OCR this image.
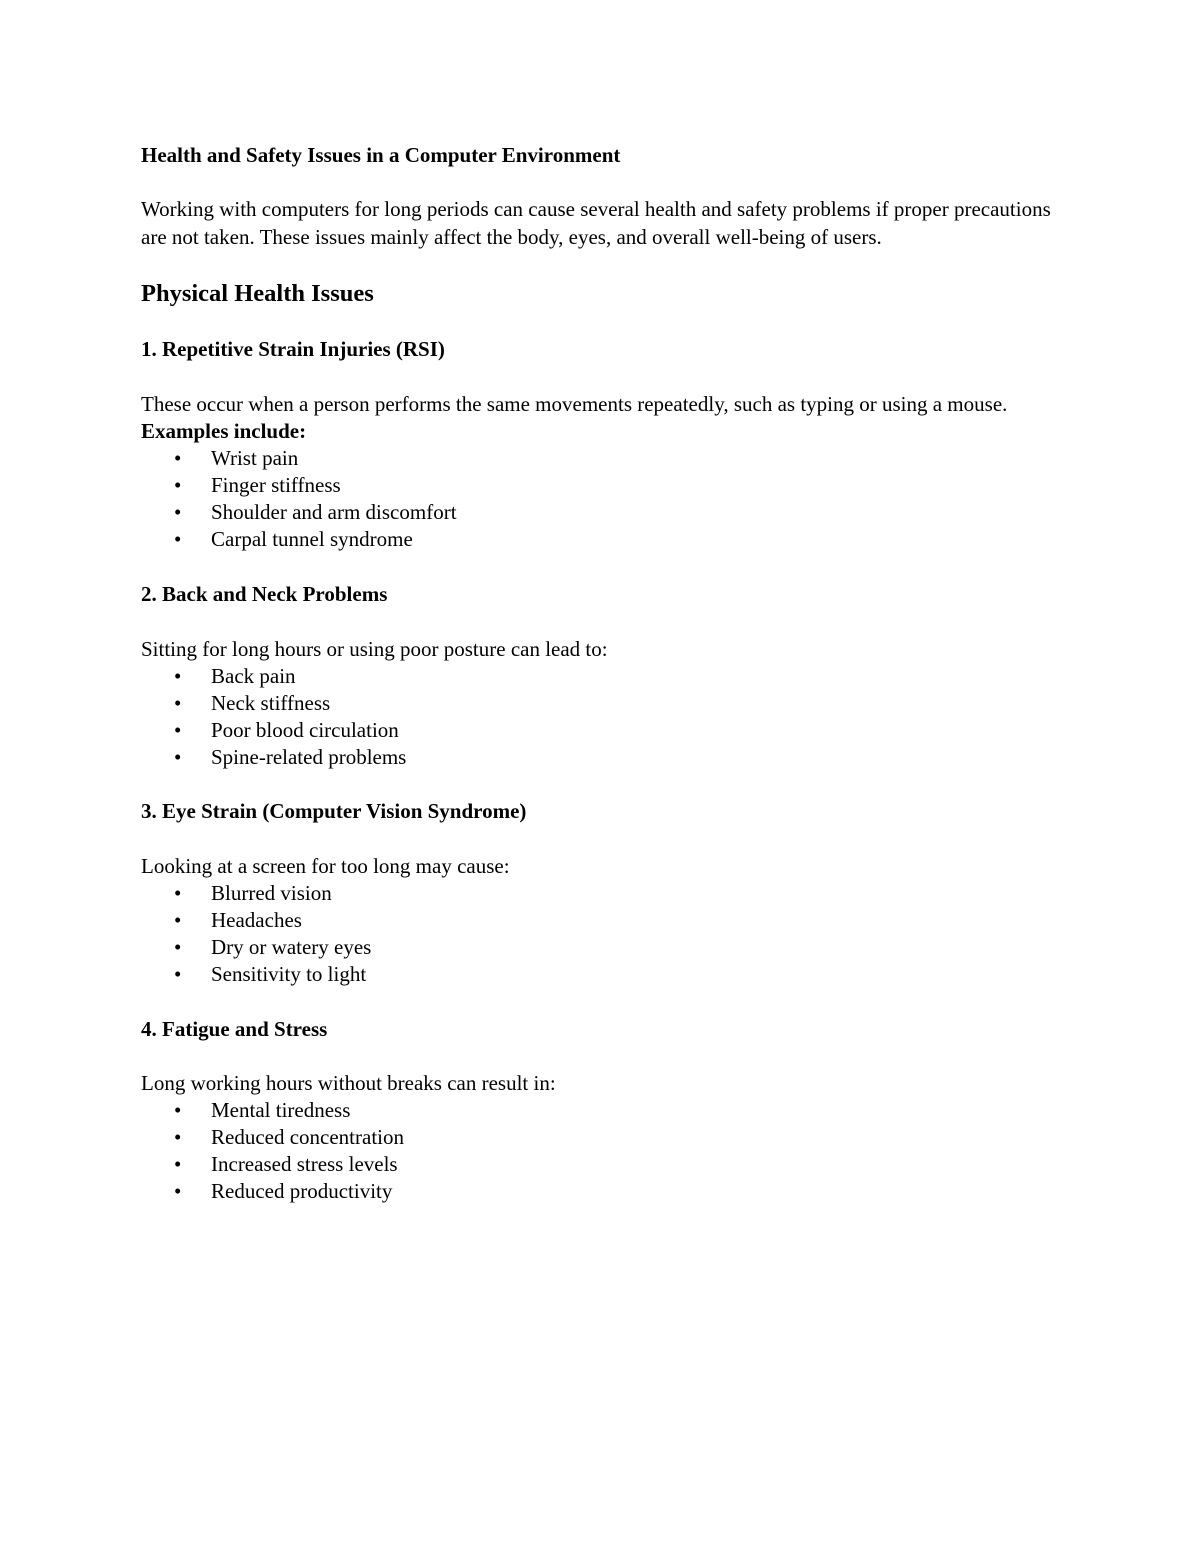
Health and Safety Issues in a Computer Environment

Working with computers for long periods can cause several health and safety problems if proper precautions are not taken. These issues mainly affect the body, eyes, and overall well-being of users.

Physical Health Issues

1. Repetitive Strain Injuries (RSI)

These occur when a person performs the same movements repeatedly, such as typing or using a mouse.

Examples include:

• Wrist pain
• Finger stiffness
• Shoulder and arm discomfort
• Carpal tunnel syndrome

2. Back and Neck Problems

Sitting for long hours or using poor posture can lead to:

• Back pain
• Neck stiffness
• Poor blood circulation
• Spine-related problems

3. Eye Strain (Computer Vision Syndrome)

Looking at a screen for too long may cause:

• Blurred vision
• Headaches
• Dry or watery eyes
• Sensitivity to light

4. Fatigue and Stress

Long working hours without breaks can result in:

• Mental tiredness
• Reduced concentration
• Increased stress levels
• Reduced productivity
